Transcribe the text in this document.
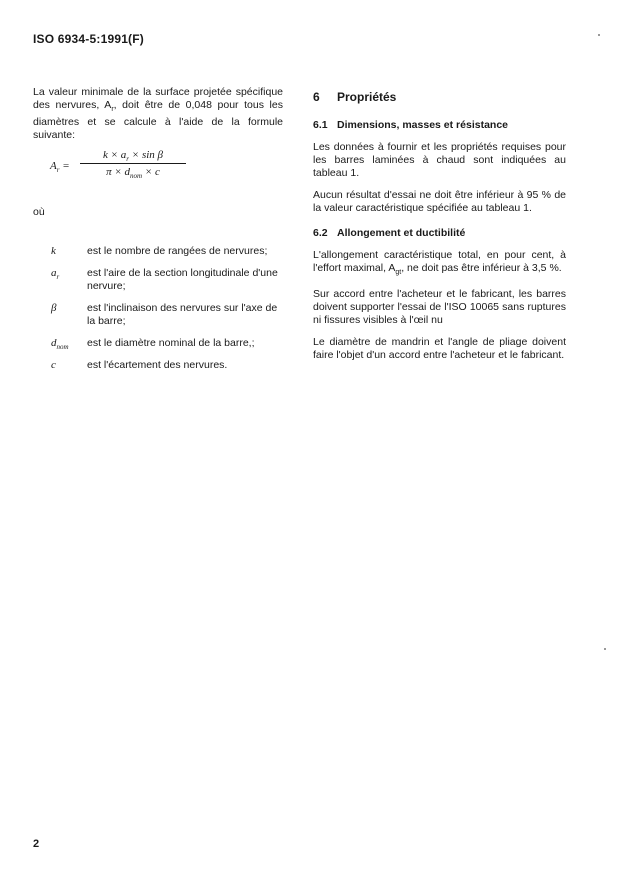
ISO 6934-5:1991(F)

La valeur minimale de la surface projetée spécifique des nervures, $A_r$, doit être de 0,048 pour tous les diamètres et se calcule à l'aide de la formule suivante:

$A_r$ =
$k \times a_r \times \sin \beta$
$\pi \times d_{nom} \times c$
où
k	est le nombre de rangées de nervures;
$a_r$	est l'aire de la section longitudinale d'une nervure;
β	est l'inclinaison des nervures sur l'axe de la barre;
$d_{nom}$ est le diamètre nominal de la barre,;
c	est l'écartement des nervures.
6 Propriétés
6.1 Dimensions, masses et résistance

Les données à fournir et les propriétés requises pour les barres laminées à chaud sont indiquées au tableau 1.

Aucun résultat d'essai ne doit être inférieur à 95 % de la valeur caractéristique spécifiée au tableau 1.

6.2 Allongement et ductibilité

L'allongement caractéristique total, en pour cent, à l'effort maximal, $A_{gt}$, ne doit pas être inférieur à 3,5 %.

Sur accord entre l'acheteur et le fabricant, les barres doivent supporter l'essai de l'ISO 10065 sans ruptures ni fissures visibles à l'œil nu

Le diamètre de mandrin et l'angle de pliage doivent faire l'objet d'un accord entre l'acheteur et le fabricant.

2
